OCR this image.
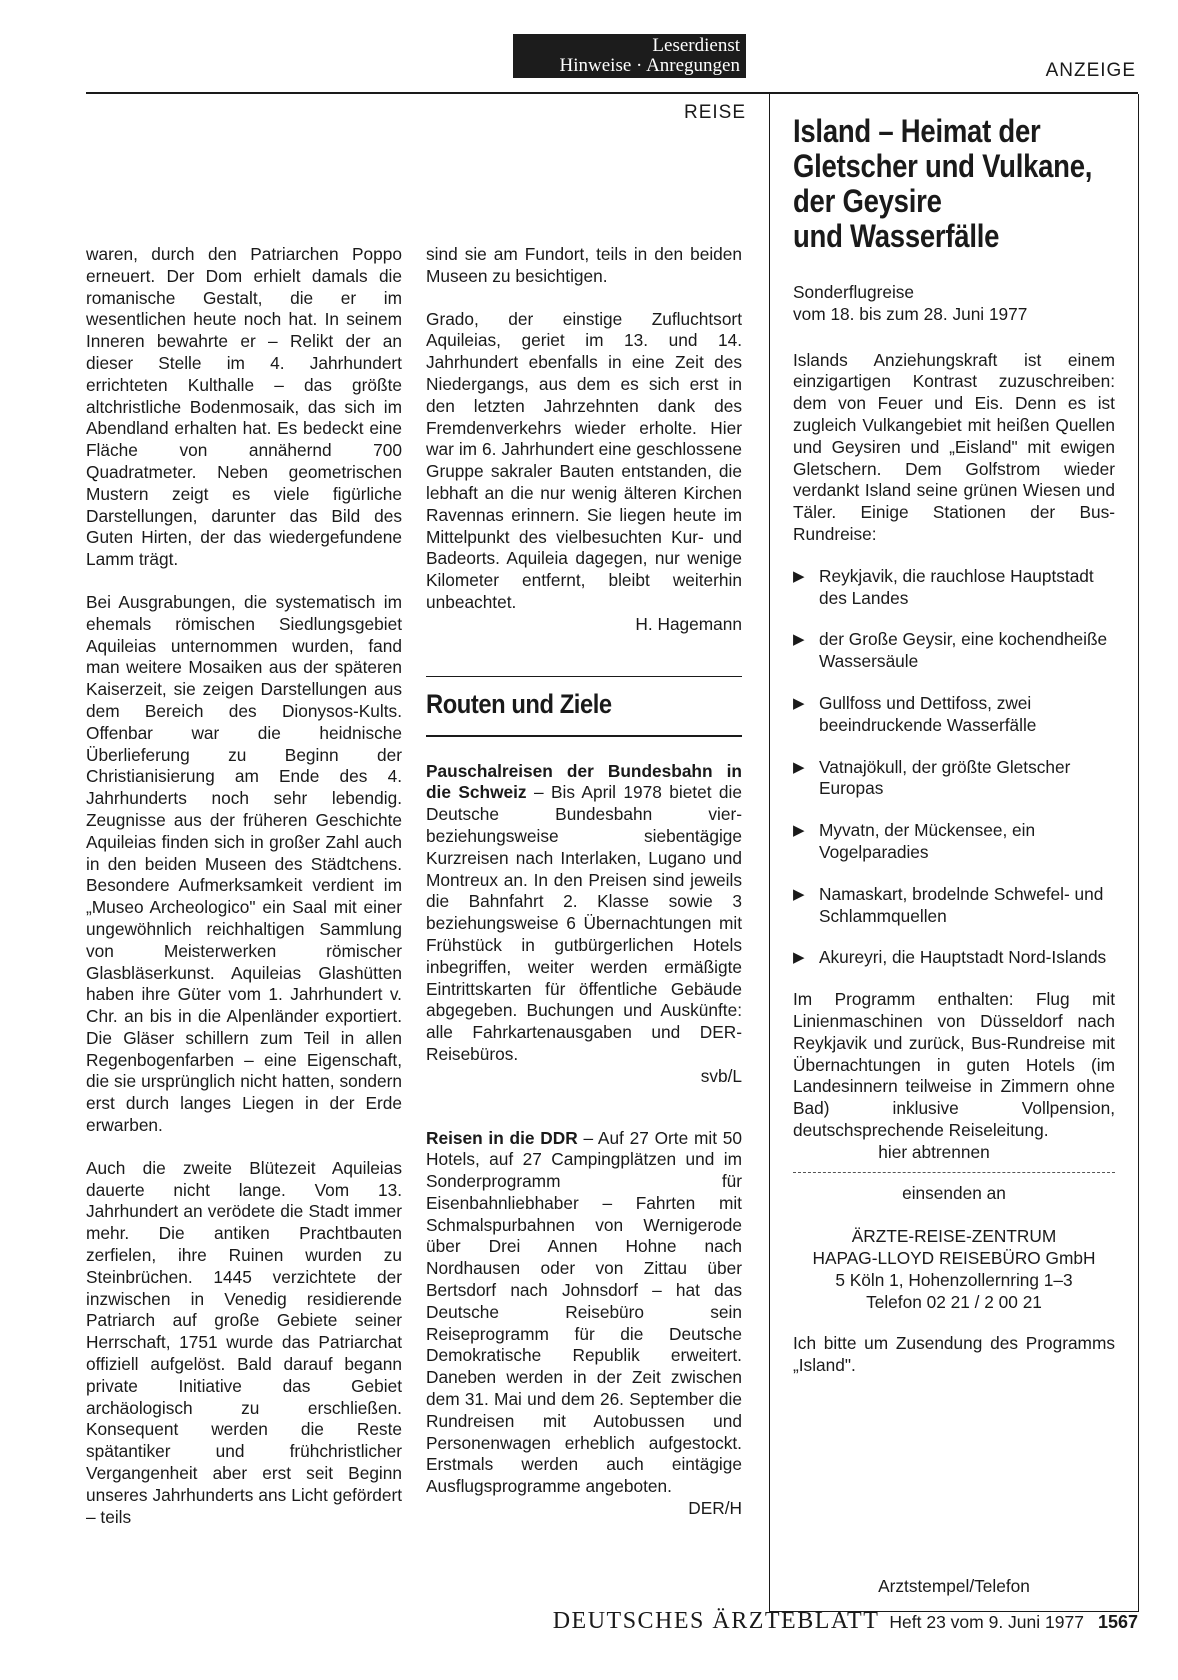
Leserdienst
Hinweise · Anregungen	ANZEIGE
REISE

waren, durch den Patriarchen Poppo erneuert. Der Dom erhielt damals die romanische Gestalt, die er im wesentlichen heute noch hat. In seinem Inneren bewahrte er – Relikt der an dieser Stelle im 4. Jahrhundert errichteten Kulthalle – das größte altchristliche Bodenmosaik, das sich im Abendland erhalten hat. Es bedeckt eine Fläche von annähernd 700 Quadratmeter. Neben geometrischen Mustern zeigt es viele figürliche Darstellungen, darunter das Bild des Guten Hirten, der das wiedergefundene Lamm trägt.

Bei Ausgrabungen, die systematisch im ehemals römischen Siedlungsgebiet Aquileias unternommen wurden, fand man weitere Mosaiken aus der späteren Kaiserzeit, sie zeigen Darstellungen aus dem Bereich des Dionysos-Kults. Offenbar war die heidnische Überlieferung zu Beginn der Christianisierung am Ende des 4. Jahrhunderts noch sehr lebendig. Zeugnisse aus der früheren Geschichte Aquileias finden sich in großer Zahl auch in den beiden Museen des Städtchens. Besondere Aufmerksamkeit verdient im „Museo Archeologico" ein Saal mit einer ungewöhnlich reichhaltigen Sammlung von Meisterwerken römischer Glasbläserkunst. Aquileias Glashütten haben ihre Güter vom 1. Jahrhundert v. Chr. an bis in die Alpenländer exportiert. Die Gläser schillern zum Teil in allen Regenbogenfarben – eine Eigenschaft, die sie ursprünglich nicht hatten, sondern erst durch langes Liegen in der Erde erwarben.

Auch die zweite Blütezeit Aquileias dauerte nicht lange. Vom 13. Jahrhundert an verödete die Stadt immer mehr. Die antiken Prachtbauten zerfielen, ihre Ruinen wurden zu Steinbrüchen. 1445 verzichtete der inzwischen in Venedig residierende Patriarch auf große Gebiete seiner Herrschaft, 1751 wurde das Patriarchat offiziell aufgelöst. Bald darauf begann private Initiative das Gebiet archäologisch zu erschließen. Konsequent werden die Reste spätantiker und frühchristlicher Vergangenheit aber erst seit Beginn unseres Jahrhunderts ans Licht gefördert – teils

sind sie am Fundort, teils in den beiden Museen zu besichtigen.

Grado, der einstige Zufluchtsort Aquileias, geriet im 13. und 14. Jahrhundert ebenfalls in eine Zeit des Niedergangs, aus dem es sich erst in den letzten Jahrzehnten dank des Fremdenverkehrs wieder erholte. Hier war im 6. Jahrhundert eine geschlossene Gruppe sakraler Bauten entstanden, die lebhaft an die nur wenig älteren Kirchen Ravennas erinnern. Sie liegen heute im Mittelpunkt des vielbesuchten Kur- und Badeorts. Aquileia dagegen, nur wenige Kilometer entfernt, bleibt weiterhin unbeachtet.

H. Hagemann
Routen und Ziele

Pauschalreisen der Bundesbahn in die Schweiz – Bis April 1978 bietet die Deutsche Bundesbahn vier- beziehungsweise siebentägige Kurzreisen nach Interlaken, Lugano und Montreux an. In den Preisen sind jeweils die Bahnfahrt 2. Klasse sowie 3 beziehungsweise 6 Übernachtungen mit Frühstück in gutbürgerlichen Hotels inbegriffen, weiter werden ermäßigte Eintrittskarten für öffentliche Gebäude abgegeben. Buchungen und Auskünfte: alle Fahrkartenausgaben und DER-Reisebüros.

svb/L

Reisen in die DDR – Auf 27 Orte mit 50 Hotels, auf 27 Campingplätzen und im Sonderprogramm für Eisenbahnliebhaber – Fahrten mit Schmalspurbahnen von Wernigerode über Drei Annen Hohne nach Nordhausen oder von Zittau über Bertsdorf nach Johnsdorf – hat das Deutsche Reisebüro sein Reiseprogramm für die Deutsche Demokratische Republik erweitert. Daneben werden in der Zeit zwischen dem 31. Mai und dem 26. September die Rundreisen mit Autobussen und Personenwagen erheblich aufgestockt. Erstmals werden auch eintägige Ausflugsprogramme angeboten.

DER/H
Island – Heimat der
Gletscher und Vulkane,
der Geysire
und Wasserfälle
Sonderflugreise
vom 18. bis zum 28. Juni 1977

Islands Anziehungskraft ist einem einzigartigen Kontrast zuzuschreiben: dem von Feuer und Eis. Denn es ist zugleich Vulkangebiet mit heißen Quellen und Geysiren und „Eisland" mit ewigen Gletschern. Dem Golfstrom wieder verdankt Island seine grünen Wiesen und Täler. Einige Stationen der Bus-Rundreise:

▶ Reykjavik, die rauchlose Hauptstadt des Landes
▶ der Große Geysir, eine kochendheiße Wassersäule
▶ Gullfoss und Dettifoss, zwei beeindruckende Wasserfälle
▶ Vatnajökull, der größte Gletscher Europas
▶ Myvatn, der Mückensee, ein Vogelparadies
▶ Namaskart, brodelnde Schwefel- und Schlammquellen
▶ Akureyri, die Hauptstadt Nord-Islands

Im Programm enthalten: Flug mit Linienmaschinen von Düsseldorf nach Reykjavik und zurück, Bus-Rundreise mit Übernachtungen in guten Hotels (im Landesinnern teilweise in Zimmern ohne Bad) inklusive Vollpension, deutschsprechende Reiseleitung.

hier abtrennen
einsenden an
ÄRZTE-REISE-ZENTRUM
HAPAG-LLOYD REISEBÜRO GmbH
5 Köln 1, Hohenzollernring 1–3
Telefon 02 21 / 2 00 21

Ich bitte um Zusendung des Programms „Island".

Arztstempel/Telefon
DEUTSCHES ÄRZTEBLATT Heft 23 vom 9. Juni 1977 1567
